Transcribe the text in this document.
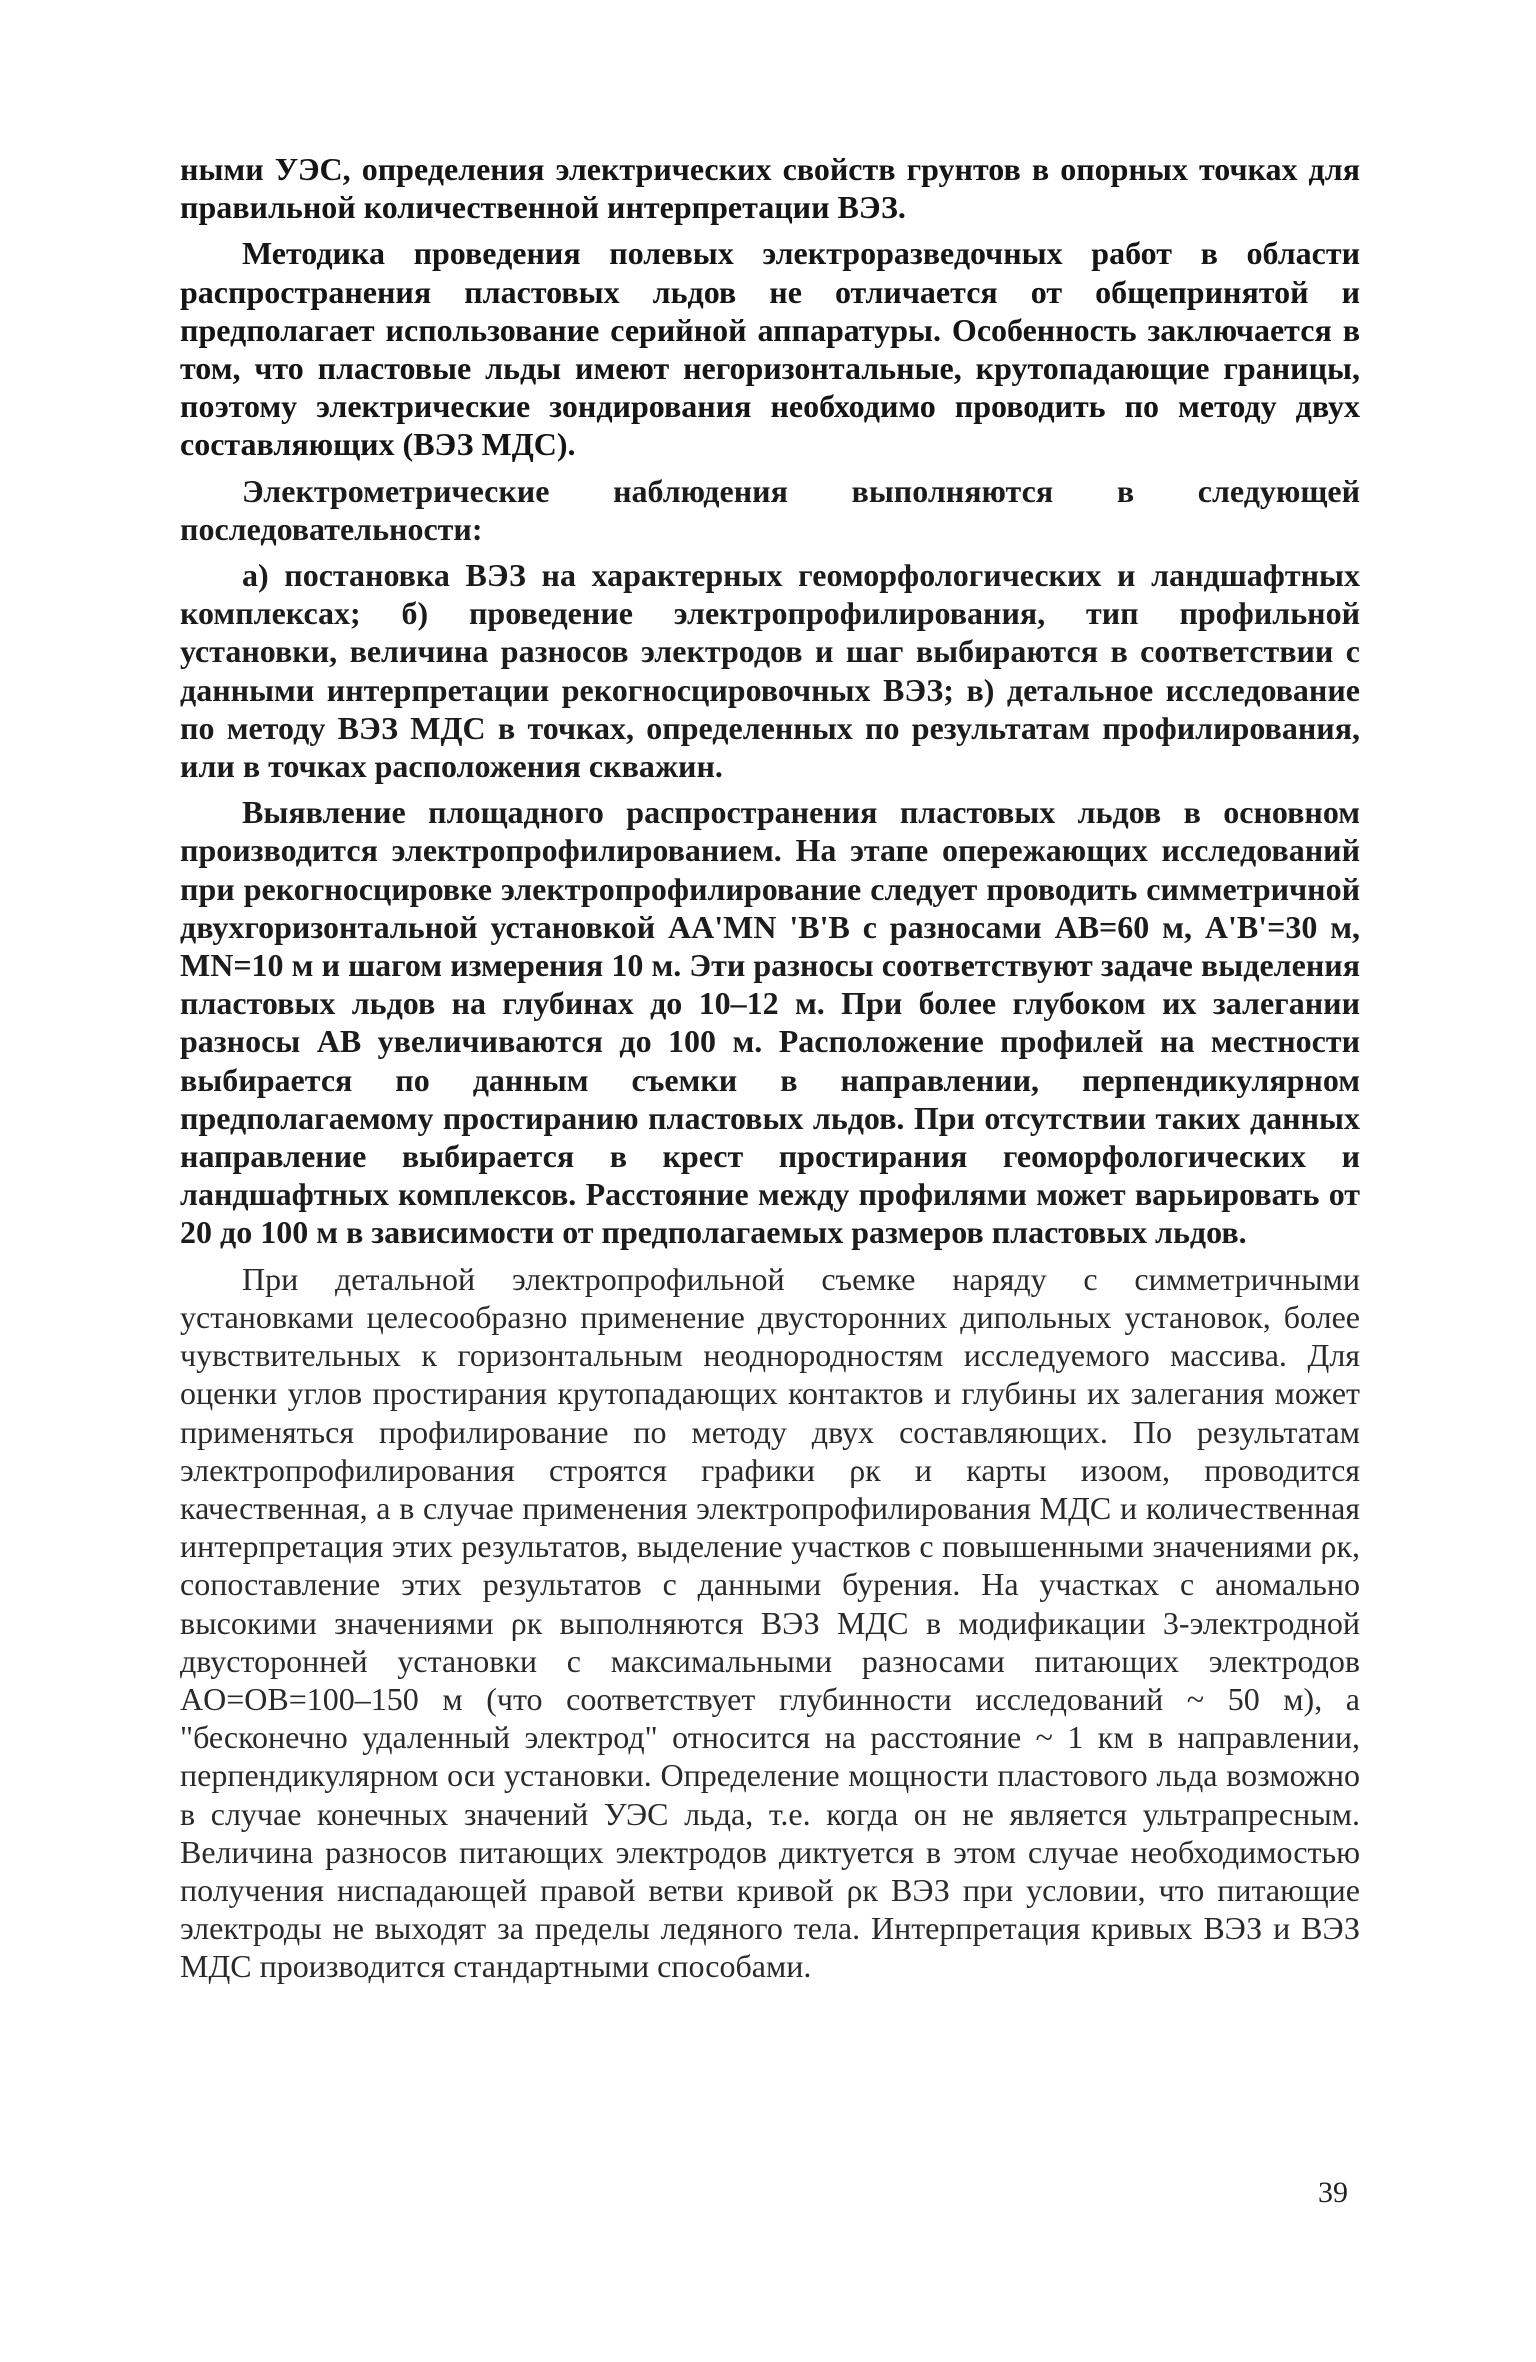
ными УЭС, определения электрических свойств грунтов в опорных точках для правильной количественной интерпретации ВЭЗ.

Методика проведения полевых электроразведочных работ в области распространения пластовых льдов не отличается от общепринятой и предполагает использование серийной аппаратуры. Особенность заключается в том, что пластовые льды имеют негоризонтальные, крутопадающие границы, поэтому электрические зондирования необходимо проводить по методу двух составляющих (ВЭЗ МДС).

Электрометрические наблюдения выполняются в следующей последовательности:

а) постановка ВЭЗ на характерных геоморфологических и ландшафтных комплексах; б) проведение электропрофилирования, тип профильной установки, величина разносов электродов и шаг выбираются в соответствии с данными интерпретации рекогносцировочных ВЭЗ; в) детальное исследование по методу ВЭЗ МДС в точках, определенных по результатам профилирования, или в точках расположения скважин.

Выявление площадного распространения пластовых льдов в основном производится электропрофилированием. На этапе опережающих исследований при рекогносцировке электропрофилирование следует проводить симметричной двухгоризонтальной установкой АА'MN 'B'B с разносами AB=60 м, A'B'=30 м, MN=10 м и шагом измерения 10 м. Эти разносы соответствуют задаче выделения пластовых льдов на глубинах до 10–12 м. При более глубоком их залегании разносы AB увеличиваются до 100 м. Расположение профилей на местности выбирается по данным съемки в направлении, перпендикулярном предполагаемому простиранию пластовых льдов. При отсутствии таких данных направление выбирается в крест простирания геоморфологических и ландшафтных комплексов. Расстояние между профилями может варьировать от 20 до 100 м в зависимости от предполагаемых размеров пластовых льдов.

При детальной электропрофильной съемке наряду с симметричными установками целесообразно применение двусторонних дипольных установок, более чувствительных к горизонтальным неоднородностям исследуемого массива. Для оценки углов простирания крутопадающих контактов и глубины их залегания может применяться профилирование по методу двух составляющих. По результатам электропрофилирования строятся графики ρк и карты изоом, проводится качественная, а в случае применения электропрофилирования МДС и количественная интерпретация этих результатов, выделение участков с повышенными значениями ρк, сопоставление этих результатов с данными бурения. На участках с аномально высокими значениями ρк выполняются ВЭЗ МДС в модификации 3-электродной двусторонней установки с максимальными разносами питающих электродов AO=OB=100–150 м (что соответствует глубинности исследований ~ 50 м), а "бесконечно удаленный электрод" относится на расстояние ~ 1 км в направлении, перпендикулярном оси установки. Определение мощности пластового льда возможно в случае конечных значений УЭС льда, т.е. когда он не является ультрапресным. Величина разносов питающих электродов диктуется в этом случае необходимостью получения ниспадающей правой ветви кривой ρк ВЭЗ при условии, что питающие электроды не выходят за пределы ледяного тела. Интерпретация кривых ВЭЗ и ВЭЗ МДС производится стандартными способами.

39
